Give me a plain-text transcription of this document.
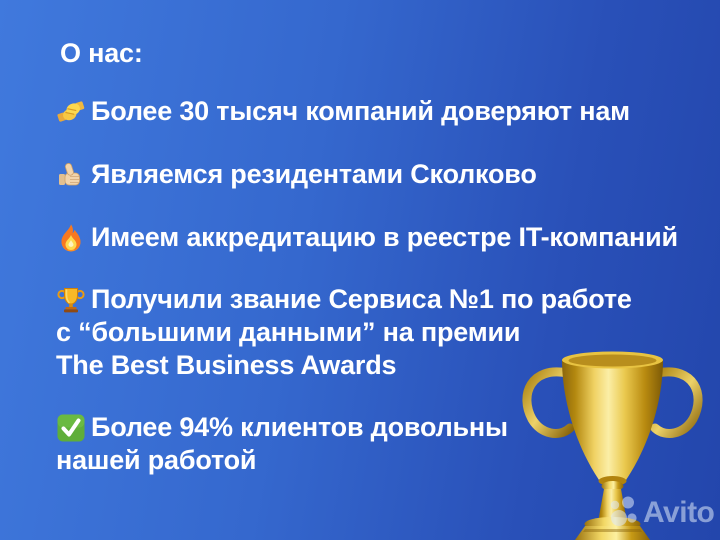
О нас:
Более 30 тысяч компаний доверяют нам
Являемся резидентами Сколково
Имеем аккредитацию в реестре IT-компаний
Получили звание Сервиса №1 по работе
с “большими данными” на премии
The Best Business Awards
Более 94% клиентов довольны
нашей работой
Avito
